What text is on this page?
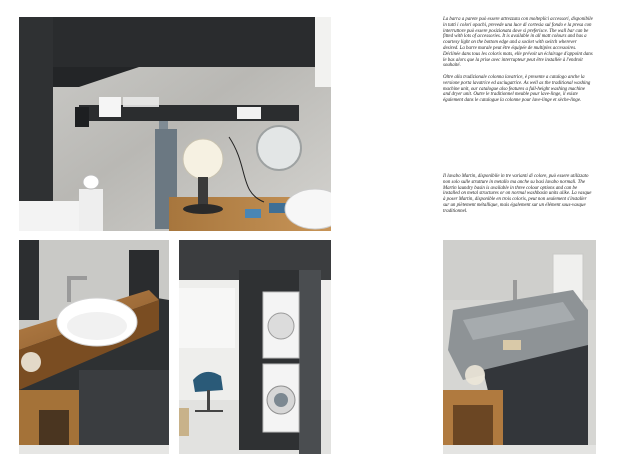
La barra a parete può essere attrezzata con molteplici accessori, disponibile in tutti i colori opachi, prevede una luce di cortesia sul fondo e la presa con interruttore può essere posizionata dove si preferisce. The wall bar can be fitted with lots of accessories. It is available in all matt colours and has a courtesy light on the bottom edge and a socket with switch wherever desired. La barre murale peut être équipée de multiples accessoires. Déclinée dans tous les coloris mats, elle prévoit un éclairage d'appoint dans le bas alors que la prise avec interrupteur peut être installée à l'endroit souhaité.

Oltre alla tradizionale colonna lavatrice, è presente a catalogo anche la versione porta lavatrice ed asciugatrice. As well as the traditional washing machine unit, our catalogue also features a full-height washing machine and dryer unit. Outre le traditionnel meuble pour lave-linge, il existe également dans le catalogue la colonne pour lave-linge et sèche-linge.

Il lavabo Martin, disponibile in tre varianti di colore, può essere utilizzato non solo sulle strutture in metallo ma anche su basi lavabo normali. The Martin laundry basin is available in three colour options and can be installed on metal structures or on normal washbasin units alike. La vasque à poser Martin, disponible en trois coloris, peut non seulement s'installer sur un piètement métallique, mais également sur un élément sous-vasque traditionnel.
